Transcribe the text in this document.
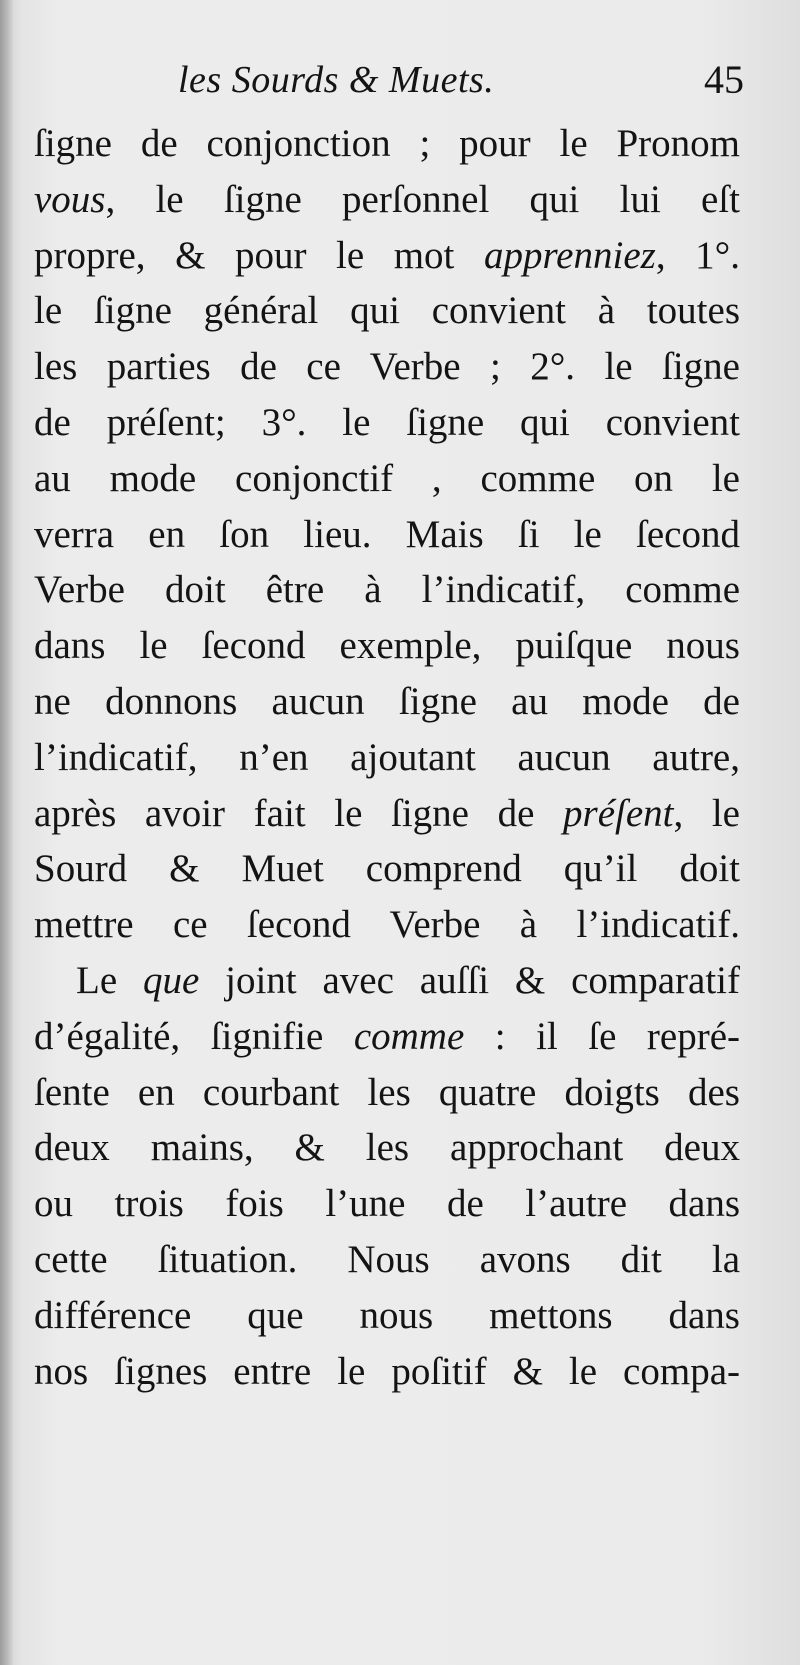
les Sourds & Muets.	45
ſigne de conjonction ; pour le Pronom
vous, le ſigne perſonnel qui lui eſt
propre, & pour le mot apprenniez, 1°.
le ſigne général qui convient à toutes
les parties de ce Verbe ; 2°. le ſigne
de préſent; 3°. le ſigne qui convient
au mode conjonctif , comme on le
verra en ſon lieu. Mais ſi le ſecond
Verbe doit être à l’indicatif, comme
dans le ſecond exemple, puiſque nous
ne donnons aucun ſigne au mode de
l’indicatif, n’en ajoutant aucun autre,
après avoir fait le ſigne de préſent, le
Sourd & Muet comprend qu’il doit
mettre ce ſecond Verbe à l’indicatif.
Le que joint avec auſſi & comparatif
d’égalité, ſignifie comme : il ſe repré-
ſente en courbant les quatre doigts des
deux mains, & les approchant deux
ou trois fois l’une de l’autre dans
cette ſituation. Nous avons dit la
différence que nous mettons dans
nos ſignes entre le poſitif & le compa-
